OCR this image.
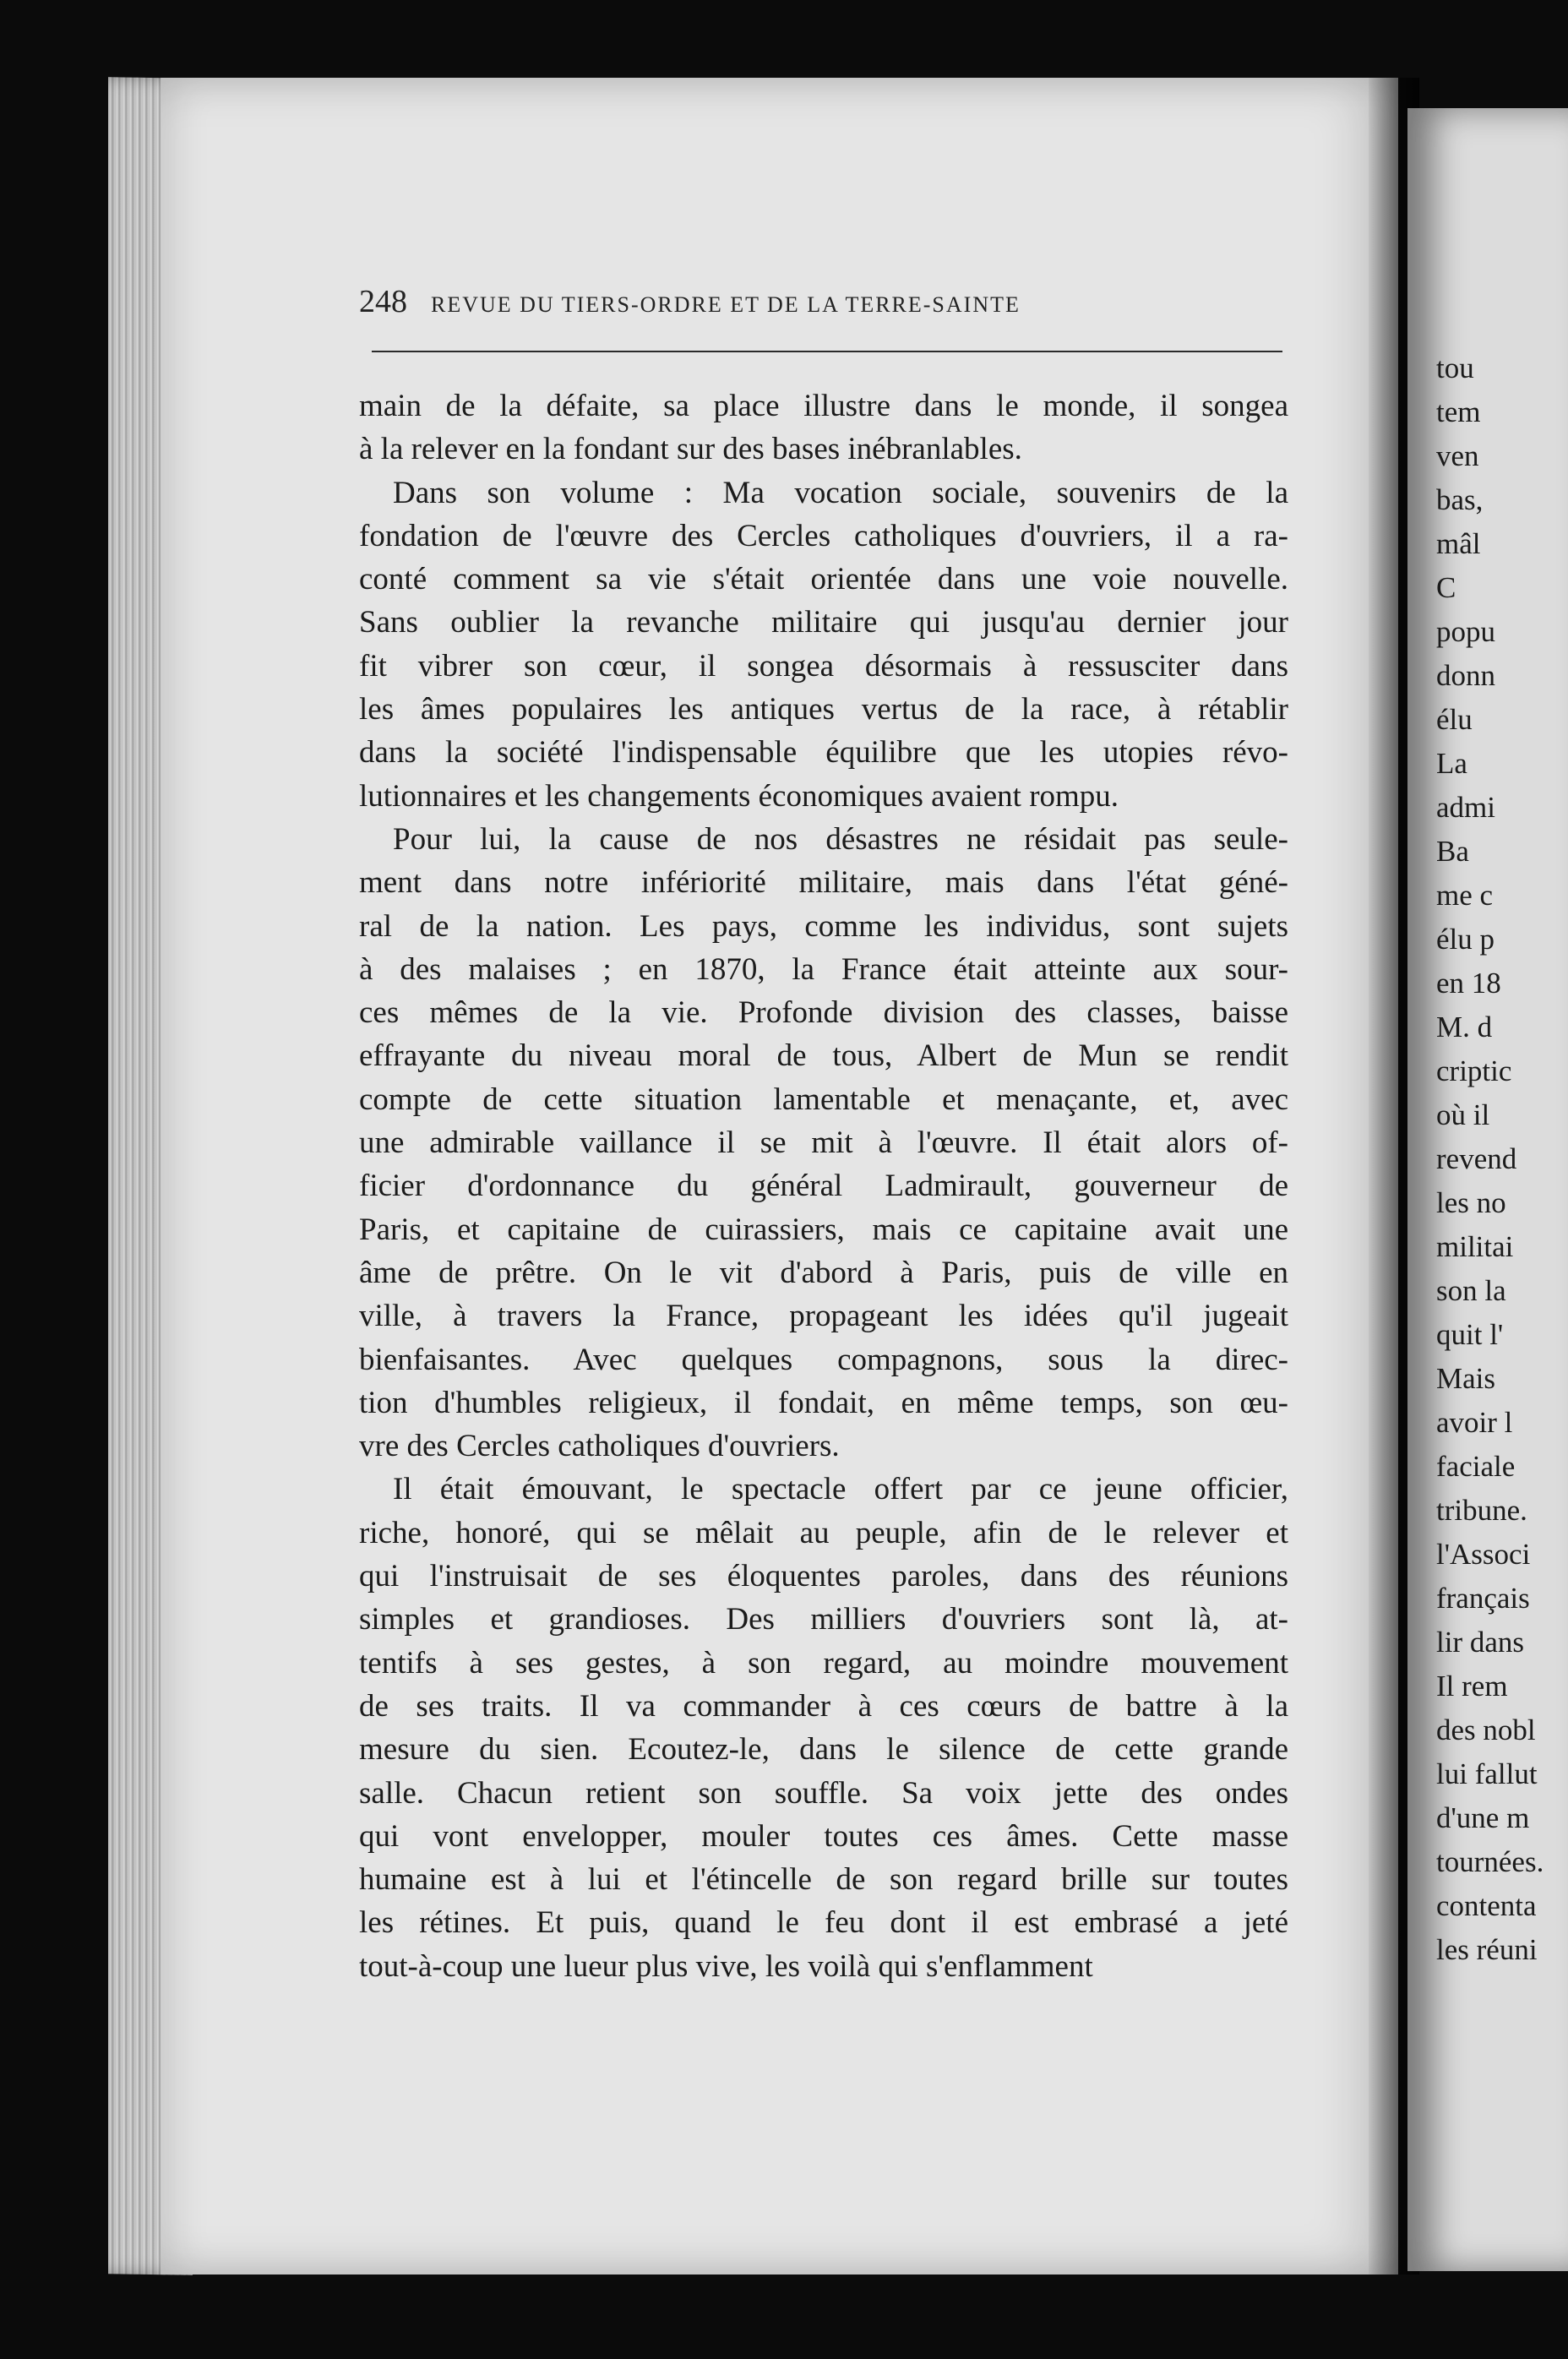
248 REVUE DU TIERS-ORDRE ET DE LA TERRE-SAINTE
main de la défaite, sa place illustre dans le monde, il songea
à la relever en la fondant sur des bases inébranlables.
Dans son volume : Ma vocation sociale, souvenirs de la
fondation de l'œuvre des Cercles catholiques d'ouvriers, il a ra-
conté comment sa vie s'était orientée dans une voie nouvelle.
Sans oublier la revanche militaire qui jusqu'au dernier jour
fit vibrer son cœur, il songea désormais à ressusciter dans
les âmes populaires les antiques vertus de la race, à rétablir
dans la société l'indispensable équilibre que les utopies révo-
lutionnaires et les changements économiques avaient rompu.
Pour lui, la cause de nos désastres ne résidait pas seule-
ment dans notre infériorité militaire, mais dans l'état géné-
ral de la nation. Les pays, comme les individus, sont sujets
à des malaises ; en 1870, la France était atteinte aux sour-
ces mêmes de la vie. Profonde division des classes, baisse
effrayante du niveau moral de tous, Albert de Mun se rendit
compte de cette situation lamentable et menaçante, et, avec
une admirable vaillance il se mit à l'œuvre. Il était alors of-
ficier d'ordonnance du général Ladmirault, gouverneur de
Paris, et capitaine de cuirassiers, mais ce capitaine avait une
âme de prêtre. On le vit d'abord à Paris, puis de ville en
ville, à travers la France, propageant les idées qu'il jugeait
bienfaisantes. Avec quelques compagnons, sous la direc-
tion d'humbles religieux, il fondait, en même temps, son œu-
vre des Cercles catholiques d'ouvriers.
Il était émouvant, le spectacle offert par ce jeune officier,
riche, honoré, qui se mêlait au peuple, afin de le relever et
qui l'instruisait de ses éloquentes paroles, dans des réunions
simples et grandioses. Des milliers d'ouvriers sont là, at-
tentifs à ses gestes, à son regard, au moindre mouvement
de ses traits. Il va commander à ces cœurs de battre à la
mesure du sien. Ecoutez-le, dans le silence de cette grande
salle. Chacun retient son souffle. Sa voix jette des ondes
qui vont envelopper, mouler toutes ces âmes. Cette masse
humaine est à lui et l'étincelle de son regard brille sur toutes
les rétines. Et puis, quand le feu dont il est embrasé a jeté
tout-à-coup une lueur plus vive, les voilà qui s'enflamment
tou
tem
ven
bas,
mâl
C
popu
donn
élu
La
admi
Ba
me c
élu p
en 18
M. d
criptic
où il
revend
les no
militai
son la
quit l'
Mais
avoir l
faciale
tribune.
l'Associ
français
lir dans
Il rem
des nobl
lui fallut
d'une m
tournées.
contenta
les réuni
